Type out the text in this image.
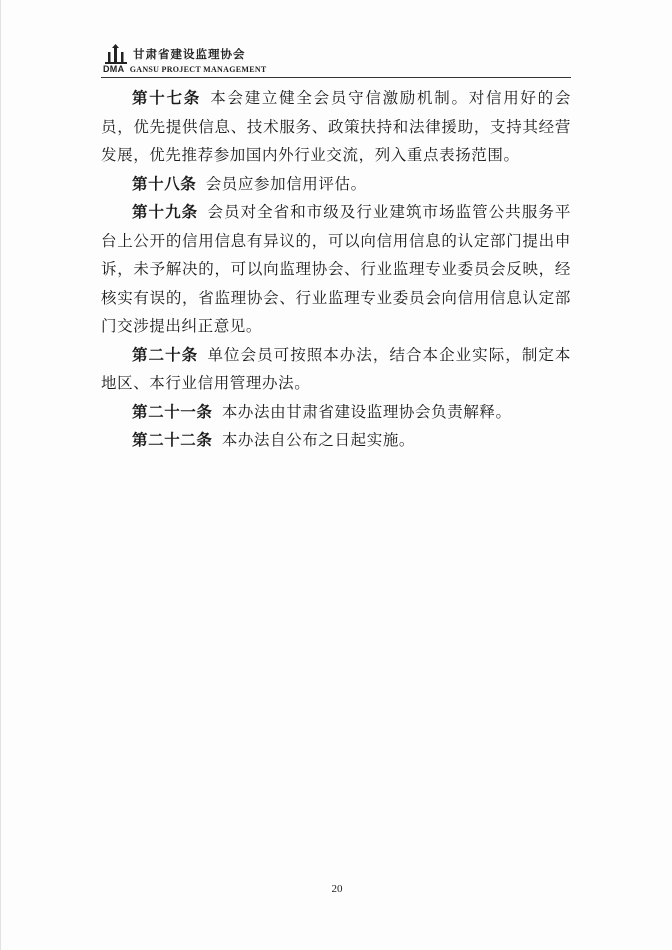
甘肃省建设监理协会
DMA GANSU PROJECT MANAGEMENT

第十七条 本会建立健全会员守信激励机制。对信用好的会员，优先提供信息、技术服务、政策扶持和法律援助，支持其经营发展，优先推荐参加国内外行业交流，列入重点表扬范围。

第十八条 会员应参加信用评估。

第十九条 会员对全省和市级及行业建筑市场监管公共服务平台上公开的信用信息有异议的，可以向信用信息的认定部门提出申诉，未予解决的，可以向监理协会、行业监理专业委员会反映，经核实有误的，省监理协会、行业监理专业委员会向信用信息认定部门交涉提出纠正意见。

第二十条 单位会员可按照本办法，结合本企业实际，制定本地区、本行业信用管理办法。

第二十一条 本办法由甘肃省建设监理协会负责解释。

第二十二条 本办法自公布之日起实施。

20
